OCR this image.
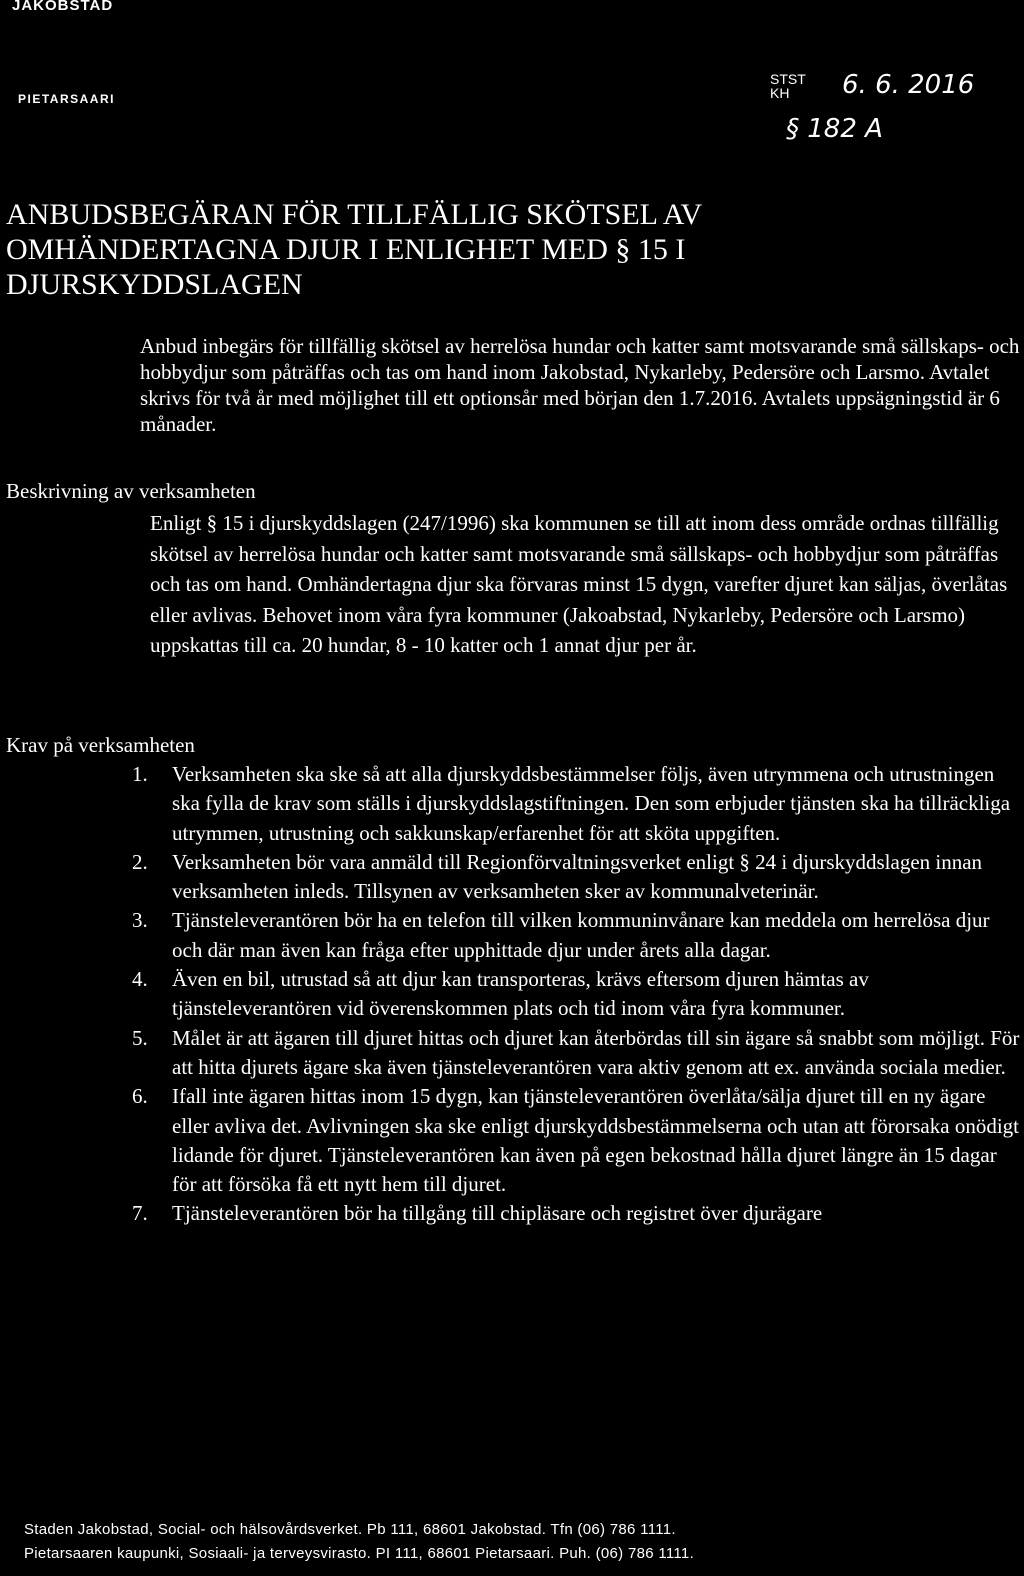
JAKOBSTAD
PIETARSAARI
STST
KH	6. 6. 2016
§ 182 A
ANBUDSBEGÄRAN FÖR TILLFÄLLIG SKÖTSEL AV
OMHÄNDERTAGNA DJUR I ENLIGHET MED § 15 I
DJURSKYDDSLAGEN
Anbud inbegärs för tillfällig skötsel av herrelösa hundar och katter samt motsvarande små sällskaps- och hobbydjur som påträffas och tas om hand inom Jakobstad, Nykarleby, Pedersöre och Larsmo. Avtalet skrivs för två år med möjlighet till ett optionsår med början den 1.7.2016. Avtalets uppsägningstid är 6 månader.
Beskrivning av verksamheten
Enligt § 15 i djurskyddslagen (247/1996) ska kommunen se till att inom dess område ordnas tillfällig skötsel av herrelösa hundar och katter samt motsvarande små sällskaps- och hobbydjur som påträffas och tas om hand. Omhändertagna djur ska förvaras minst 15 dygn, varefter djuret kan säljas, överlåtas eller avlivas. Behovet inom våra fyra kommuner (Jakoabstad, Nykarleby, Pedersöre och Larsmo) uppskattas till ca. 20 hundar, 8 - 10 katter och 1 annat djur per år.
Krav på verksamheten
1. Verksamheten ska ske så att alla djurskyddsbestämmelser följs, även utrymmena och utrustningen ska fylla de krav som ställs i djurskyddslagstiftningen. Den som erbjuder tjänsten ska ha tillräckliga utrymmen, utrustning och sakkunskap/erfarenhet för att sköta uppgiften.
2. Verksamheten bör vara anmäld till Regionförvaltningsverket enligt § 24 i djurskyddslagen innan verksamheten inleds. Tillsynen av verksamheten sker av kommunalveterinär.
3. Tjänsteleverantören bör ha en telefon till vilken kommuninvånare kan meddela om herrelösa djur och där man även kan fråga efter upphittade djur under årets alla dagar.
4. Även en bil, utrustad så att djur kan transporteras, krävs eftersom djuren hämtas av tjänsteleverantören vid överenskommen plats och tid inom våra fyra kommuner.
5. Målet är att ägaren till djuret hittas och djuret kan återbördas till sin ägare så snabbt som möjligt. För att hitta djurets ägare ska även tjänsteleverantören vara aktiv genom att ex. använda sociala medier.
6. Ifall inte ägaren hittas inom 15 dygn, kan tjänsteleverantören överlåta/sälja djuret till en ny ägare eller avliva det. Avlivningen ska ske enligt djurskyddsbestämmelserna och utan att förorsaka onödigt lidande för djuret. Tjänsteleverantören kan även på egen bekostnad hålla djuret längre än 15 dagar för att försöka få ett nytt hem till djuret.
7. Tjänsteleverantören bör ha tillgång till chipläsare och registret över djurägare
Staden Jakobstad, Social- och hälsovårdsverket. Pb 111, 68601 Jakobstad. Tfn (06) 786 1111.
Pietarsaaren kaupunki, Sosiaali- ja terveysvirasto. PI 111, 68601 Pietarsaari. Puh. (06) 786 1111.
